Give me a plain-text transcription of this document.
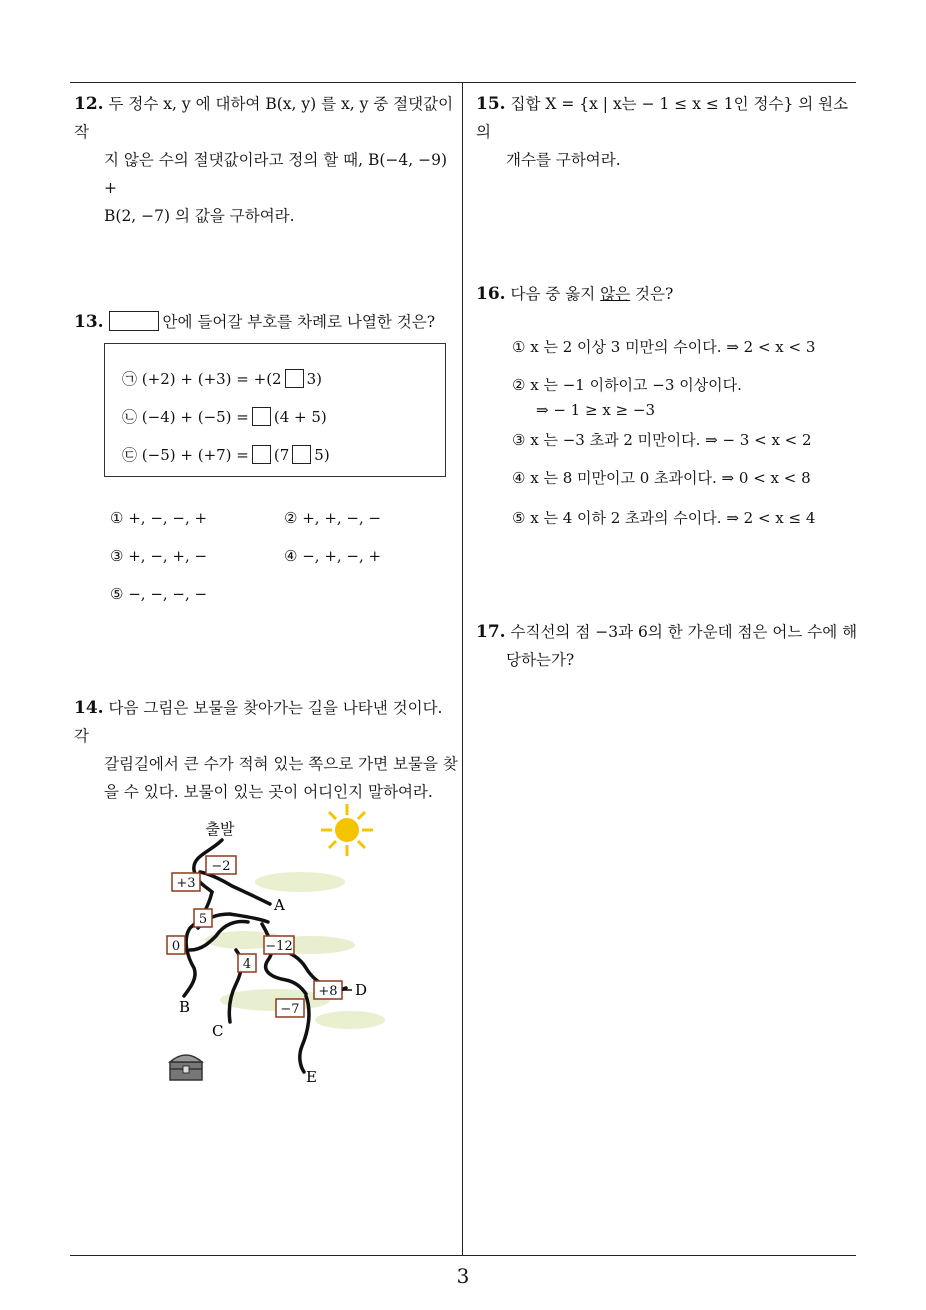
3
12. 두 정수 x, y 에 대하여 B(x, y) 를 x, y 중 절댓값이 작
지 않은 수의 절댓값이라고 정의 할 때, B(−4, −9) +
B(2, −7) 의 값을 구하여라.
13.	안에 들어갈 부호를 차례로 나열한 것은?
㉠ (+2) + (+3) = +(2 3)
㉡ (−4) + (−5) = (4 + 5)
㉢ (−5) + (+7) = (7 5)
① +, −, −, +	② +, +, −, −
③ +, −, +, −	④ −, +, −, +
⑤ −, −, −, −
14. 다음 그림은 보물을 찾아가는 길을 나타낸 것이다. 각
갈림길에서 큰 수가 적혀 있는 쪽으로 가면 보물을 찾
을 수 있다. 보물이 있는 곳이 어디인지 말하여라.
−2
+3
5
0	−12
4
+8
−7
출발
A
B
C
D
E
15. 집합 X = {x | x는 − 1 ≤ x ≤ 1인 정수} 의 원소의
개수를 구하여라.
16. 다음 중 옳지 않은 것은?
① x 는 2 이상 3 미만의 수이다. ⇒ 2 < x < 3
② x 는 −1 이하이고 −3 이상이다.
⇒ − 1 ≥ x ≥ −3
③ x 는 −3 초과 2 미만이다. ⇒ − 3 < x < 2
④ x 는 8 미만이고 0 초과이다. ⇒ 0 < x < 8
⑤ x 는 4 이하 2 초과의 수이다. ⇒ 2 < x ≤ 4
17. 수직선의 점 −3과 6의 한 가운데 점은 어느 수에 해
당하는가?
